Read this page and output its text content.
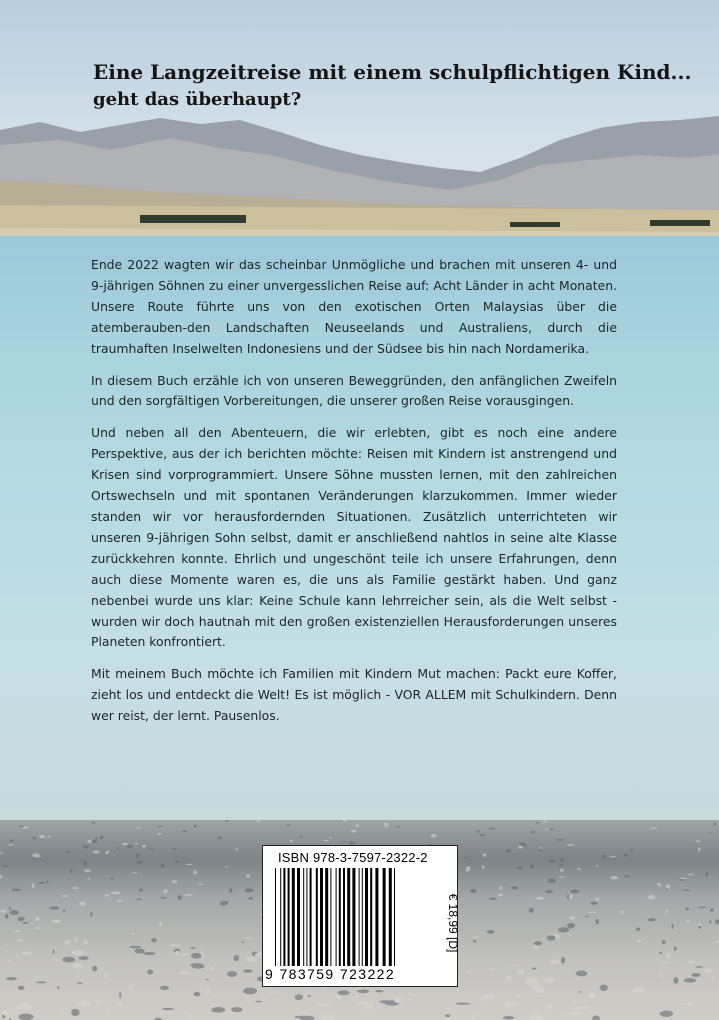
Eine Langzeitreise mit einem schulpflichtigen Kind...
geht das überhaupt?

Ende 2022 wagten wir das scheinbar Unmögliche und brachen mit unseren 4- und 9-jährigen Söhnen zu einer unvergesslichen Reise auf: Acht Länder in acht Monaten. Unsere Route führte uns von den exotischen Orten Malaysias über die atemberauben-den Landschaften Neuseelands und Australiens, durch die traumhaften Inselwelten Indonesiens und der Südsee bis hin nach Nordamerika.

In diesem Buch erzähle ich von unseren Beweggründen, den anfänglichen Zweifeln und den sorgfältigen Vorbereitungen, die unserer großen Reise vorausgingen.

Und neben all den Abenteuern, die wir erlebten, gibt es noch eine andere Perspektive, aus der ich berichten möchte: Reisen mit Kindern ist anstrengend und Krisen sind vorprogrammiert. Unsere Söhne mussten lernen, mit den zahlreichen Ortswechseln und mit spontanen Veränderungen klarzukommen. Immer wieder standen wir vor herausfordernden Situationen. Zusätzlich unterrichteten wir unseren 9-jährigen Sohn selbst, damit er anschließend nahtlos in seine alte Klasse zurückkehren konnte. Ehrlich und ungeschönt teile ich unsere Erfahrungen, denn auch diese Momente waren es, die uns als Familie gestärkt haben. Und ganz nebenbei wurde uns klar: Keine Schule kann lehrreicher sein, als die Welt selbst - wurden wir doch hautnah mit den großen existenziellen Herausforderungen unseres Planeten konfrontiert.

Mit meinem Buch möchte ich Familien mit Kindern Mut machen: Packt eure Koffer, zieht los und entdeckt die Welt! Es ist möglich - VOR ALLEM mit Schulkindern. Denn wer reist, der lernt. Pausenlos.

ISBN 978-3-7597-2322-2
9 783759 723222
€ 18,99 [D]
